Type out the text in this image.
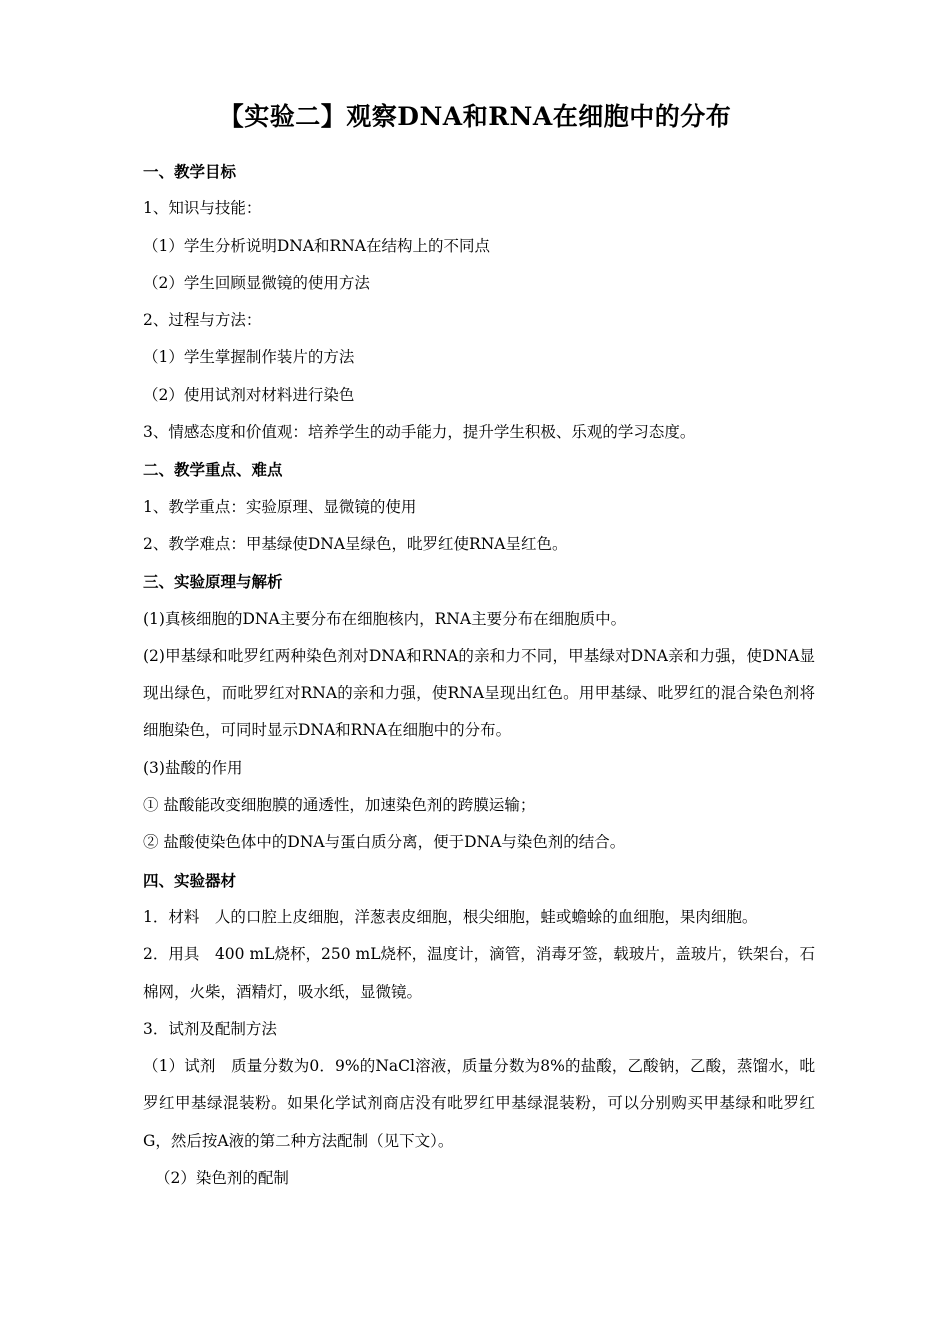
【实验二】观察DNA和RNA在细胞中的分布
一、教学目标
1、知识与技能：
（1）学生分析说明DNA和RNA在结构上的不同点
（2）学生回顾显微镜的使用方法
2、过程与方法：
（1）学生掌握制作装片的方法
（2）使用试剂对材料进行染色
3、情感态度和价值观：培养学生的动手能力，提升学生积极、乐观的学习态度。
二、教学重点、难点
1、教学重点：实验原理、显微镜的使用
2、教学难点：甲基绿使DNA呈绿色，吡罗红使RNA呈红色。
三、实验原理与解析
(1)真核细胞的DNA主要分布在细胞核内，RNA主要分布在细胞质中。
(2)甲基绿和吡罗红两种染色剂对DNA和RNA的亲和力不同，甲基绿对DNA亲和力强，使DNA显现出绿色，而吡罗红对RNA的亲和力强，使RNA呈现出红色。用甲基绿、吡罗红的混合染色剂将细胞染色，可同时显示DNA和RNA在细胞中的分布。
(3)盐酸的作用
① 盐酸能改变细胞膜的通透性，加速染色剂的跨膜运输；
② 盐酸使染色体中的DNA与蛋白质分离，便于DNA与染色剂的结合。
四、实验器材
1．材料　人的口腔上皮细胞，洋葱表皮细胞，根尖细胞，蛙或蟾蜍的血细胞，果肉细胞。
2．用具　400 mL烧杯，250 mL烧杯，温度计，滴管，消毒牙签，载玻片，盖玻片，铁架台，石棉网，火柴，酒精灯，吸水纸，显微镜。
3．试剂及配制方法
（1）试剂　质量分数为0．9%的NaCl溶液，质量分数为8%的盐酸，乙酸钠，乙酸，蒸馏水，吡罗红甲基绿混装粉。如果化学试剂商店没有吡罗红甲基绿混装粉，可以分别购买甲基绿和吡罗红G，然后按A液的第二种方法配制（见下文）。
（2）染色剂的配制
